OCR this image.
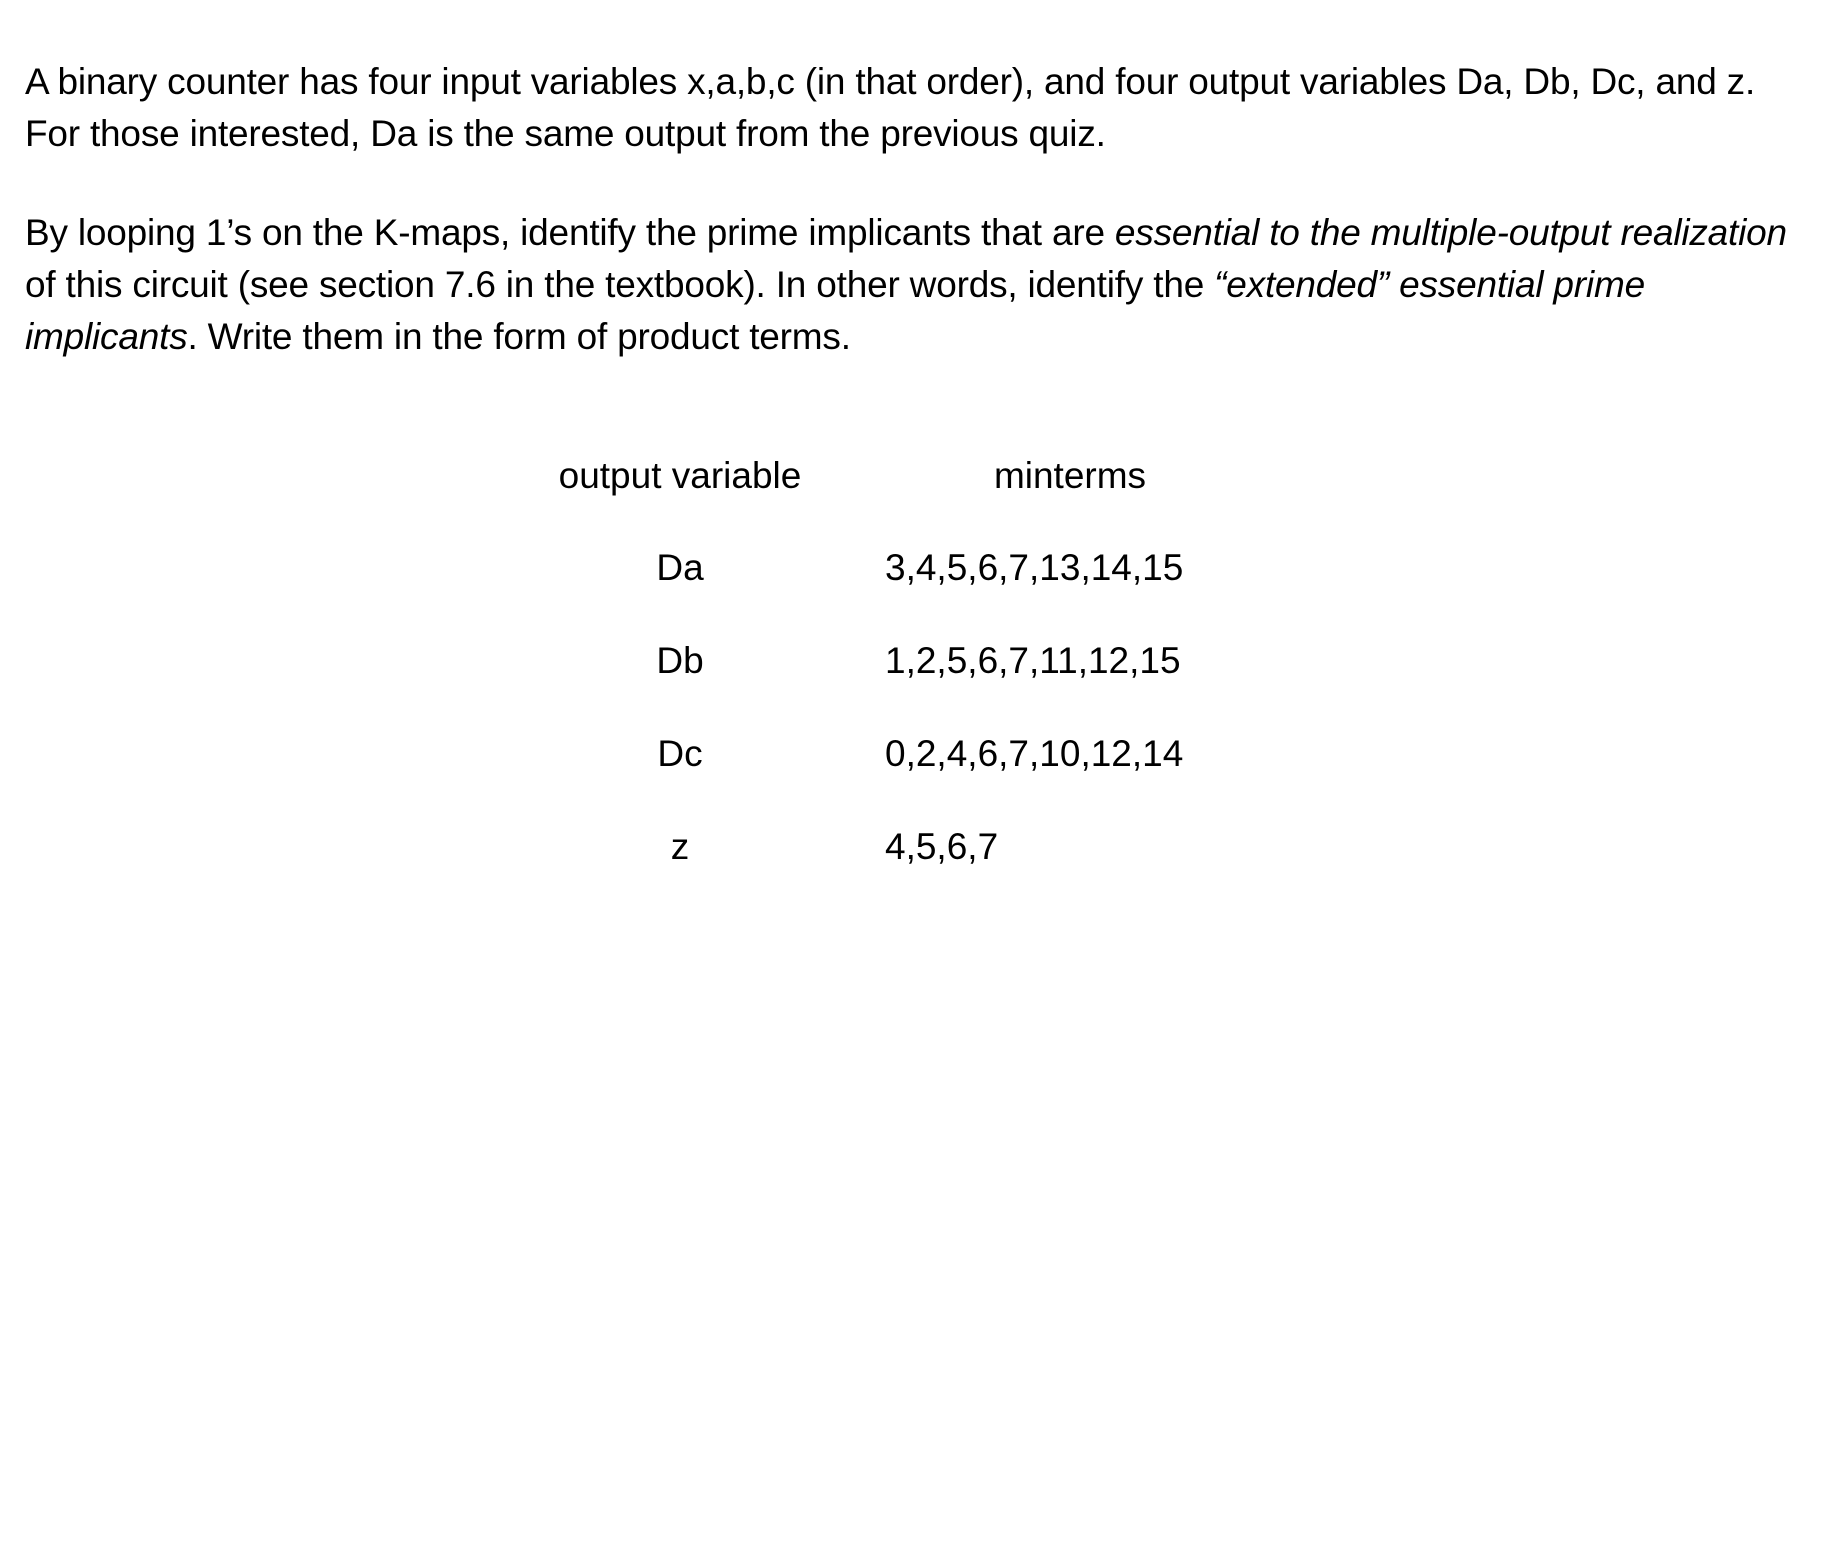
A binary counter has four input variables x,a,b,c (in that order), and four output variables Da, Db, Dc, and z. For those interested, Da is the same output from the previous quiz.

By looping 1’s on the K-maps, identify the prime implicants that are essential to the multiple-output realization of this circuit (see section 7.6 in the textbook). In other words, identify the “extended” essential prime implicants. Write them in the form of product terms.

output variable	minterms
Da	3,4,5,6,7,13,14,15
Db	1,2,5,6,7,11,12,15
Dc	0,2,4,6,7,10,12,14
z	4,5,6,7
